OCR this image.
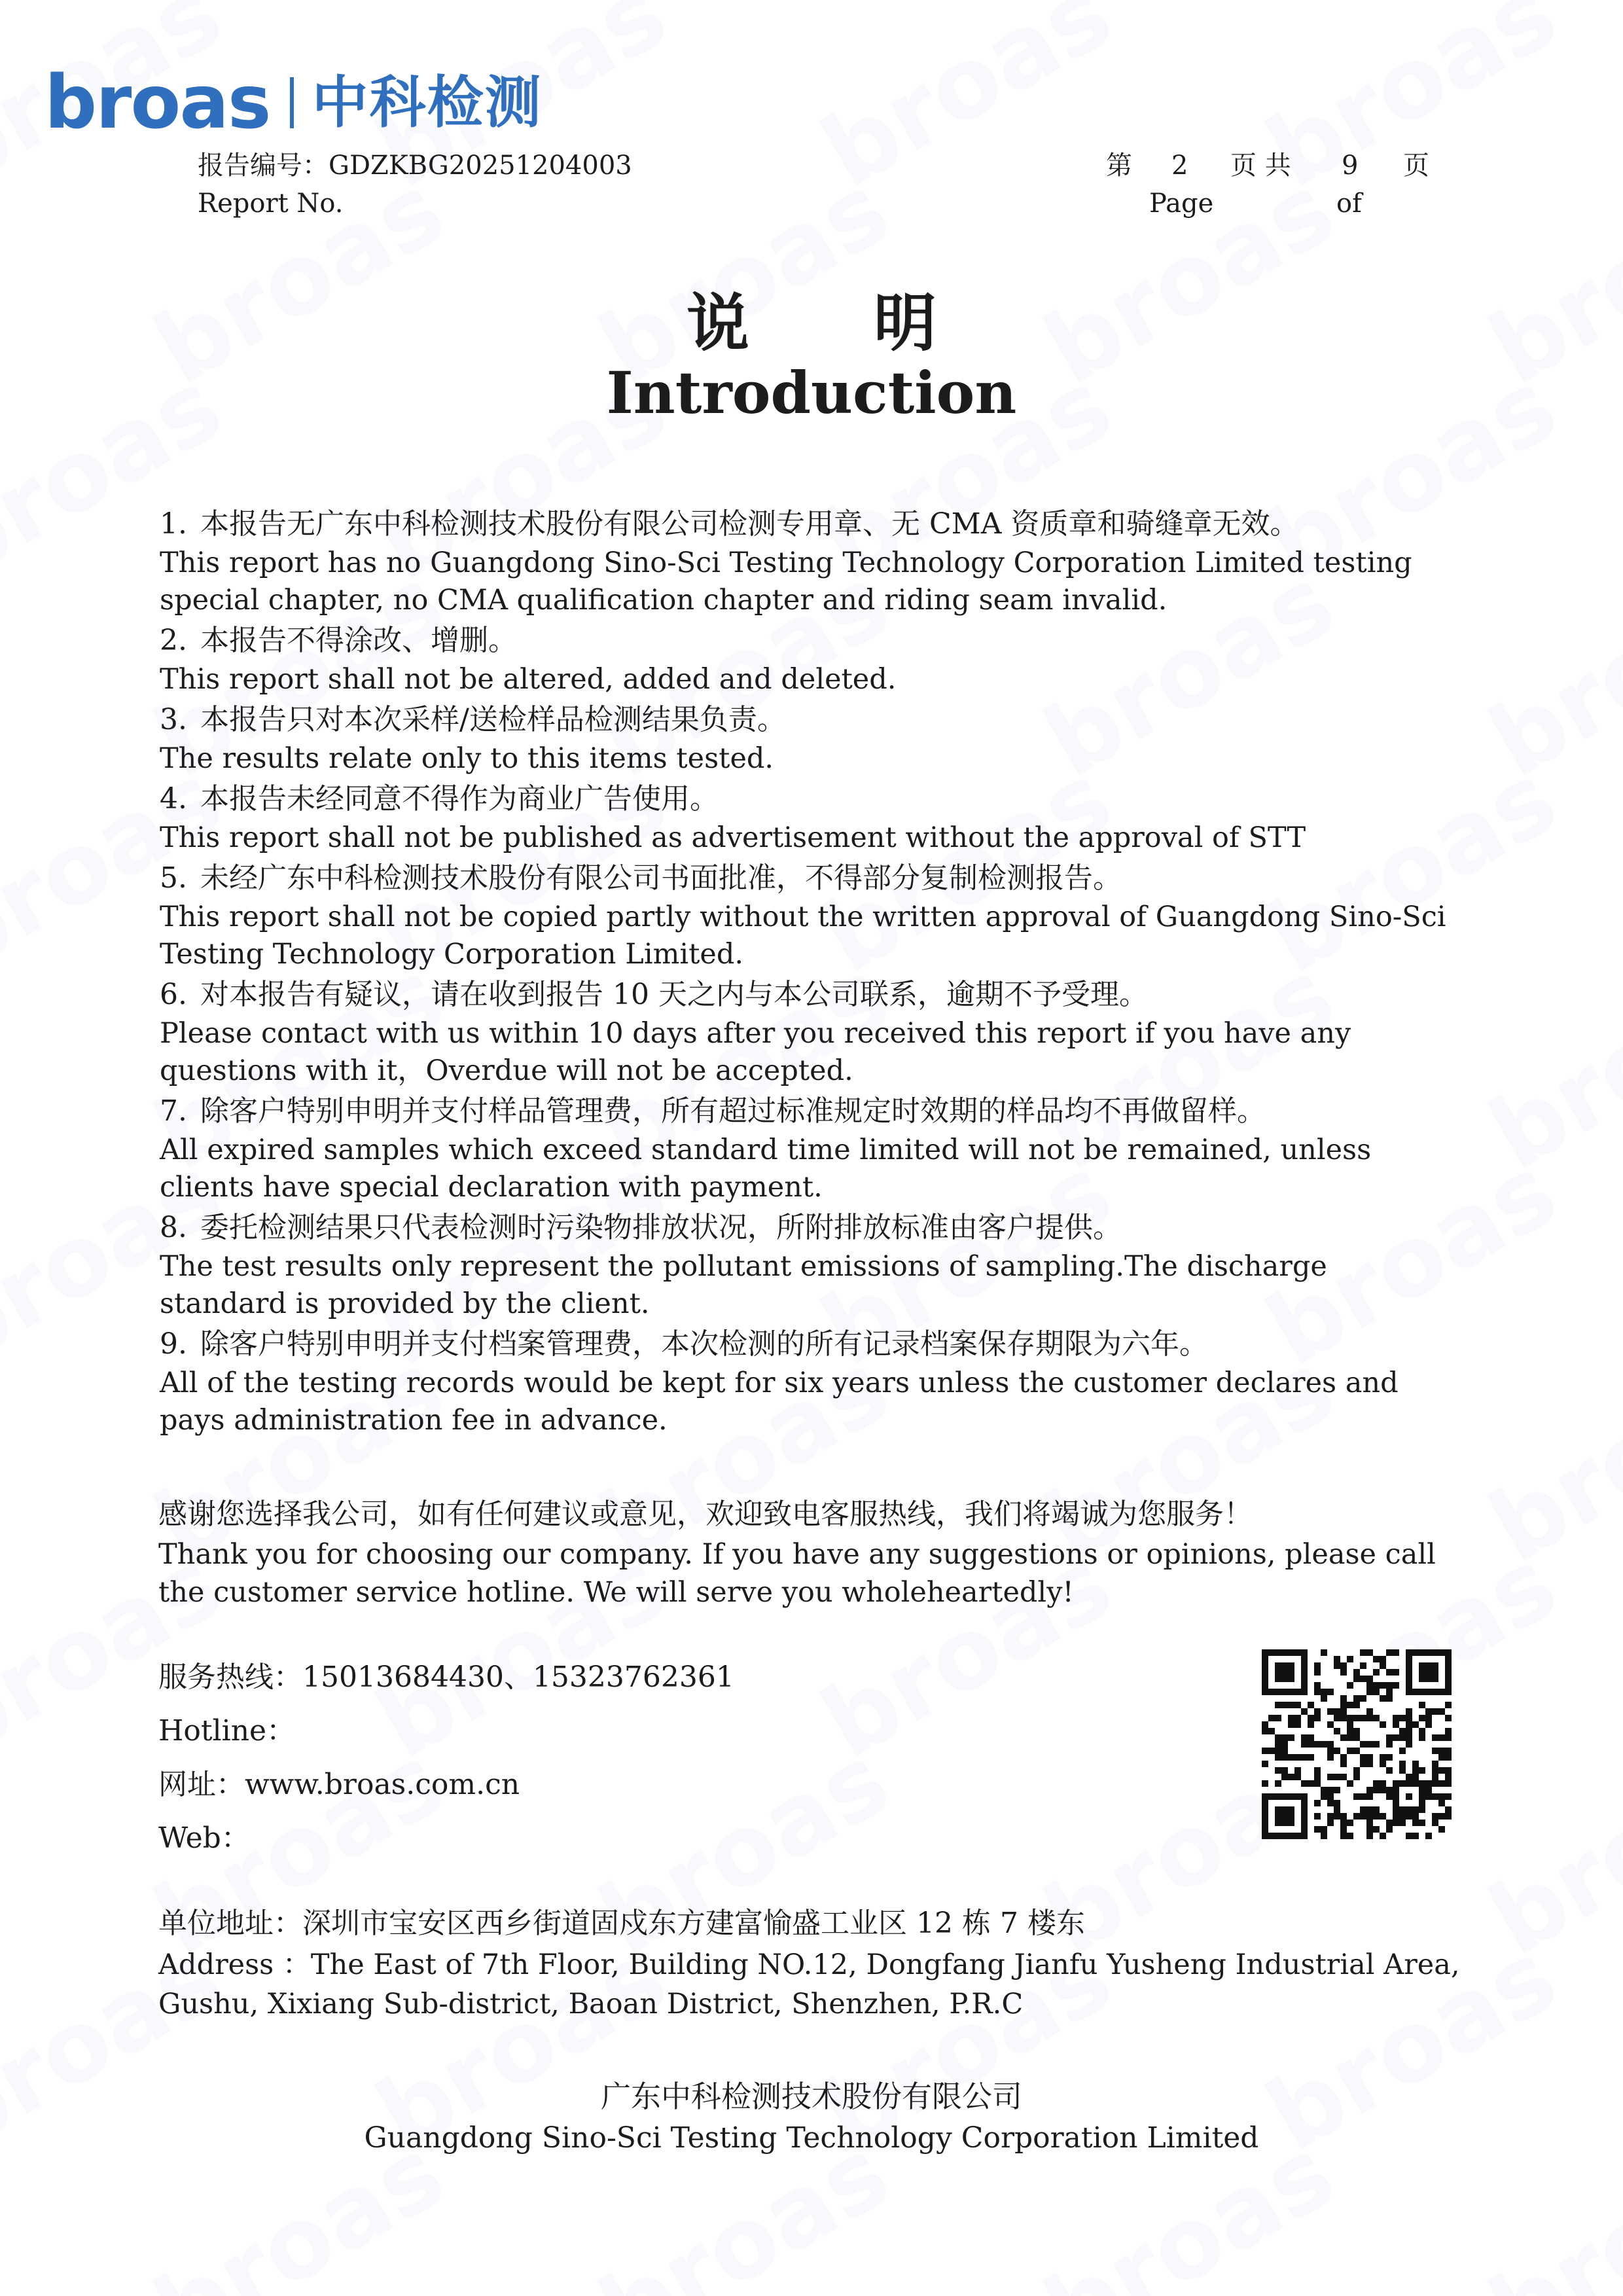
broas 中科检测
报告编号：GDZKBG20251204003
Report No.
第 2 页 共 9 页
Page	of
说明
Introduction
1. 本报告无广东中科检测技术股份有限公司检测专用章、无 CMA 资质章和骑缝章无效。
This report has no Guangdong Sino-Sci Testing Technology Corporation Limited testing special chapter, no CMA qualification chapter and riding seam invalid.
2. 本报告不得涂改、增删。
This report shall not be altered, added and deleted.
3. 本报告只对本次采样/送检样品检测结果负责。
The results relate only to this items tested.
4. 本报告未经同意不得作为商业广告使用。
This report shall not be published as advertisement without the approval of STT
5. 未经广东中科检测技术股份有限公司书面批准，不得部分复制检测报告。
This report shall not be copied partly without the written approval of Guangdong Sino-Sci Testing Technology Corporation Limited.
6. 对本报告有疑议，请在收到报告 10 天之内与本公司联系，逾期不予受理。
Please contact with us within 10 days after you received this report if you have any questions with it，Overdue will not be accepted.
7. 除客户特别申明并支付样品管理费，所有超过标准规定时效期的样品均不再做留样。
All expired samples which exceed standard time limited will not be remained, unless clients have special declaration with payment.
8. 委托检测结果只代表检测时污染物排放状况，所附排放标准由客户提供。
The test results only represent the pollutant emissions of sampling.The discharge standard is provided by the client.
9. 除客户特别申明并支付档案管理费，本次检测的所有记录档案保存期限为六年。
All of the testing records would be kept for six years unless the customer declares and pays administration fee in advance.
感谢您选择我公司，如有任何建议或意见，欢迎致电客服热线，我们将竭诚为您服务！
Thank you for choosing our company. If you have any suggestions or opinions, please call the customer service hotline. We will serve you wholeheartedly!
服务热线：15013684430、15323762361
Hotline：
网址：www.broas.com.cn
Web：
单位地址：深圳市宝安区西乡街道固戍东方建富愉盛工业区 12 栋 7 楼东
Address ：The East of 7th Floor, Building NO.12, Dongfang Jianfu Yusheng Industrial Area, Gushu, Xixiang Sub-district, Baoan District, Shenzhen, P.R.C
广东中科检测技术股份有限公司
Guangdong Sino-Sci Testing Technology Corporation Limited
